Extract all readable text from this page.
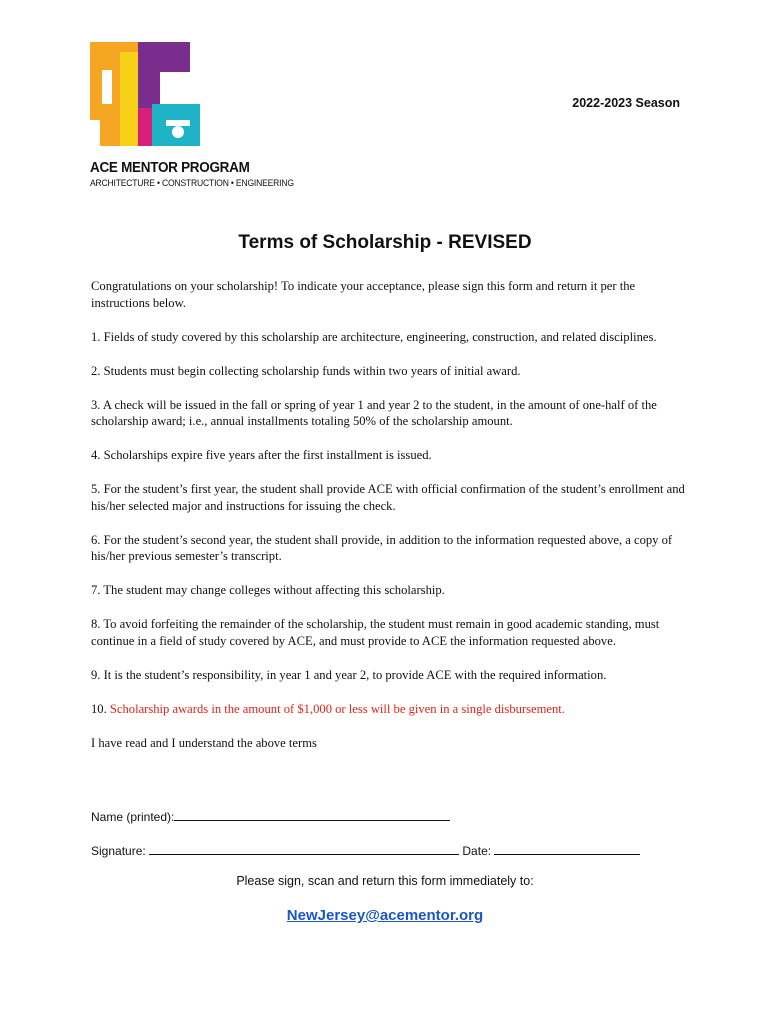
ACE MENTOR PROGRAM
ARCHITECTURE • CONSTRUCTION • ENGINEERING
2022-2023 Season
Terms of Scholarship - REVISED

Congratulations on your scholarship! To indicate your acceptance, please sign this form and return it per the instructions below.

1. Fields of study covered by this scholarship are architecture, engineering, construction, and related disciplines.

2. Students must begin collecting scholarship funds within two years of initial award.

3. A check will be issued in the fall or spring of year 1 and year 2 to the student, in the amount of one-half of the scholarship award; i.e., annual installments totaling 50% of the scholarship amount.

4. Scholarships expire five years after the first installment is issued.

5. For the student’s first year, the student shall provide ACE with official confirmation of the student’s enrollment and his/her selected major and instructions for issuing the check.

6. For the student’s second year, the student shall provide, in addition to the information requested above, a copy of his/her previous semester’s transcript.

7. The student may change colleges without affecting this scholarship.

8. To avoid forfeiting the remainder of the scholarship, the student must remain in good academic standing, must continue in a field of study covered by ACE, and must provide to ACE the information requested above.

9. It is the student’s responsibility, in year 1 and year 2, to provide ACE with the required information.

10. Scholarship awards in the amount of $1,000 or less will be given in a single disbursement.

I have read and I understand the above terms

Name (printed):
Signature:	Date:
Please sign, scan and return this form immediately to:
NewJersey@acementor.org
